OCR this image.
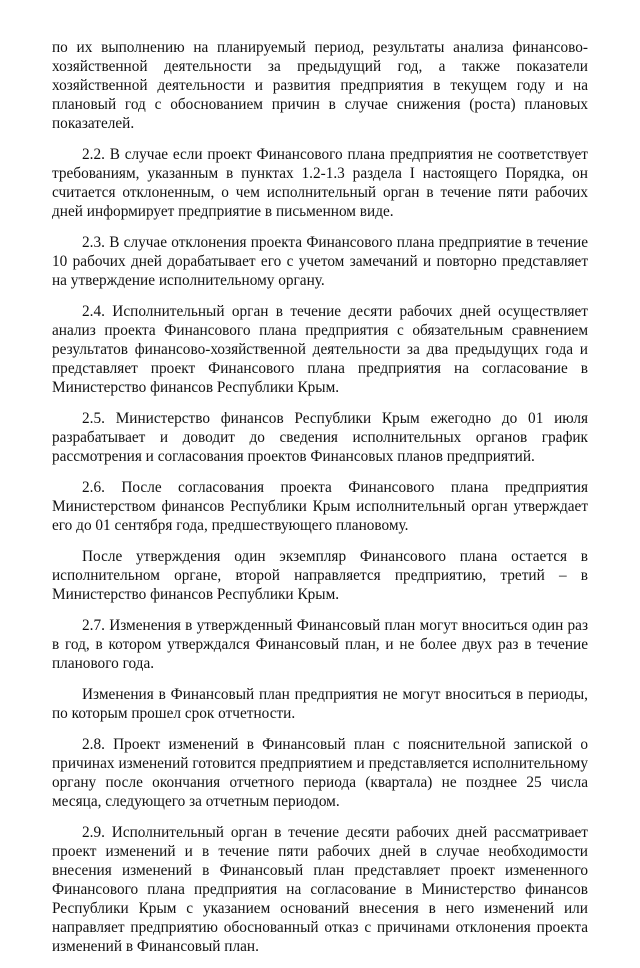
по их выполнению на планируемый период, результаты анализа финансово-хозяйственной деятельности за предыдущий год, а также показатели хозяйственной деятельности и развития предприятия в текущем году и на плановый год с обоснованием причин в случае снижения (роста) плановых показателей.

2.2. В случае если проект Финансового плана предприятия не соответствует требованиям, указанным в пунктах 1.2-1.3 раздела I настоящего Порядка, он считается отклоненным, о чем исполнительный орган в течение пяти рабочих дней информирует предприятие в письменном виде.

2.3. В случае отклонения проекта Финансового плана предприятие в течение 10 рабочих дней дорабатывает его с учетом замечаний и повторно представляет на утверждение исполнительному органу.

2.4. Исполнительный орган в течение десяти рабочих дней осуществляет анализ проекта Финансового плана предприятия с обязательным сравнением результатов финансово-хозяйственной деятельности за два предыдущих года и представляет проект Финансового плана предприятия на согласование в Министерство финансов Республики Крым.

2.5. Министерство финансов Республики Крым ежегодно до 01 июля разрабатывает и доводит до сведения исполнительных органов график рассмотрения и согласования проектов Финансовых планов предприятий.

2.6. После согласования проекта Финансового плана предприятия Министерством финансов Республики Крым исполнительный орган утверждает его до 01 сентября года, предшествующего плановому.

После утверждения один экземпляр Финансового плана остается в исполнительном органе, второй направляется предприятию, третий – в Министерство финансов Республики Крым.

2.7. Изменения в утвержденный Финансовый план могут вноситься один раз в год, в котором утверждался Финансовый план, и не более двух раз в течение планового года.

Изменения в Финансовый план предприятия не могут вноситься в периоды, по которым прошел срок отчетности.

2.8. Проект изменений в Финансовый план с пояснительной запиской о причинах изменений готовится предприятием и представляется исполнительному органу после окончания отчетного периода (квартала) не позднее 25 числа месяца, следующего за отчетным периодом.

2.9. Исполнительный орган в течение десяти рабочих дней рассматривает проект изменений и в течение пяти рабочих дней в случае необходимости внесения изменений в Финансовый план представляет проект измененного Финансового плана предприятия на согласование в Министерство финансов Республики Крым с указанием оснований внесения в него изменений или направляет предприятию обоснованный отказ с причинами отклонения проекта изменений в Финансовый план.
